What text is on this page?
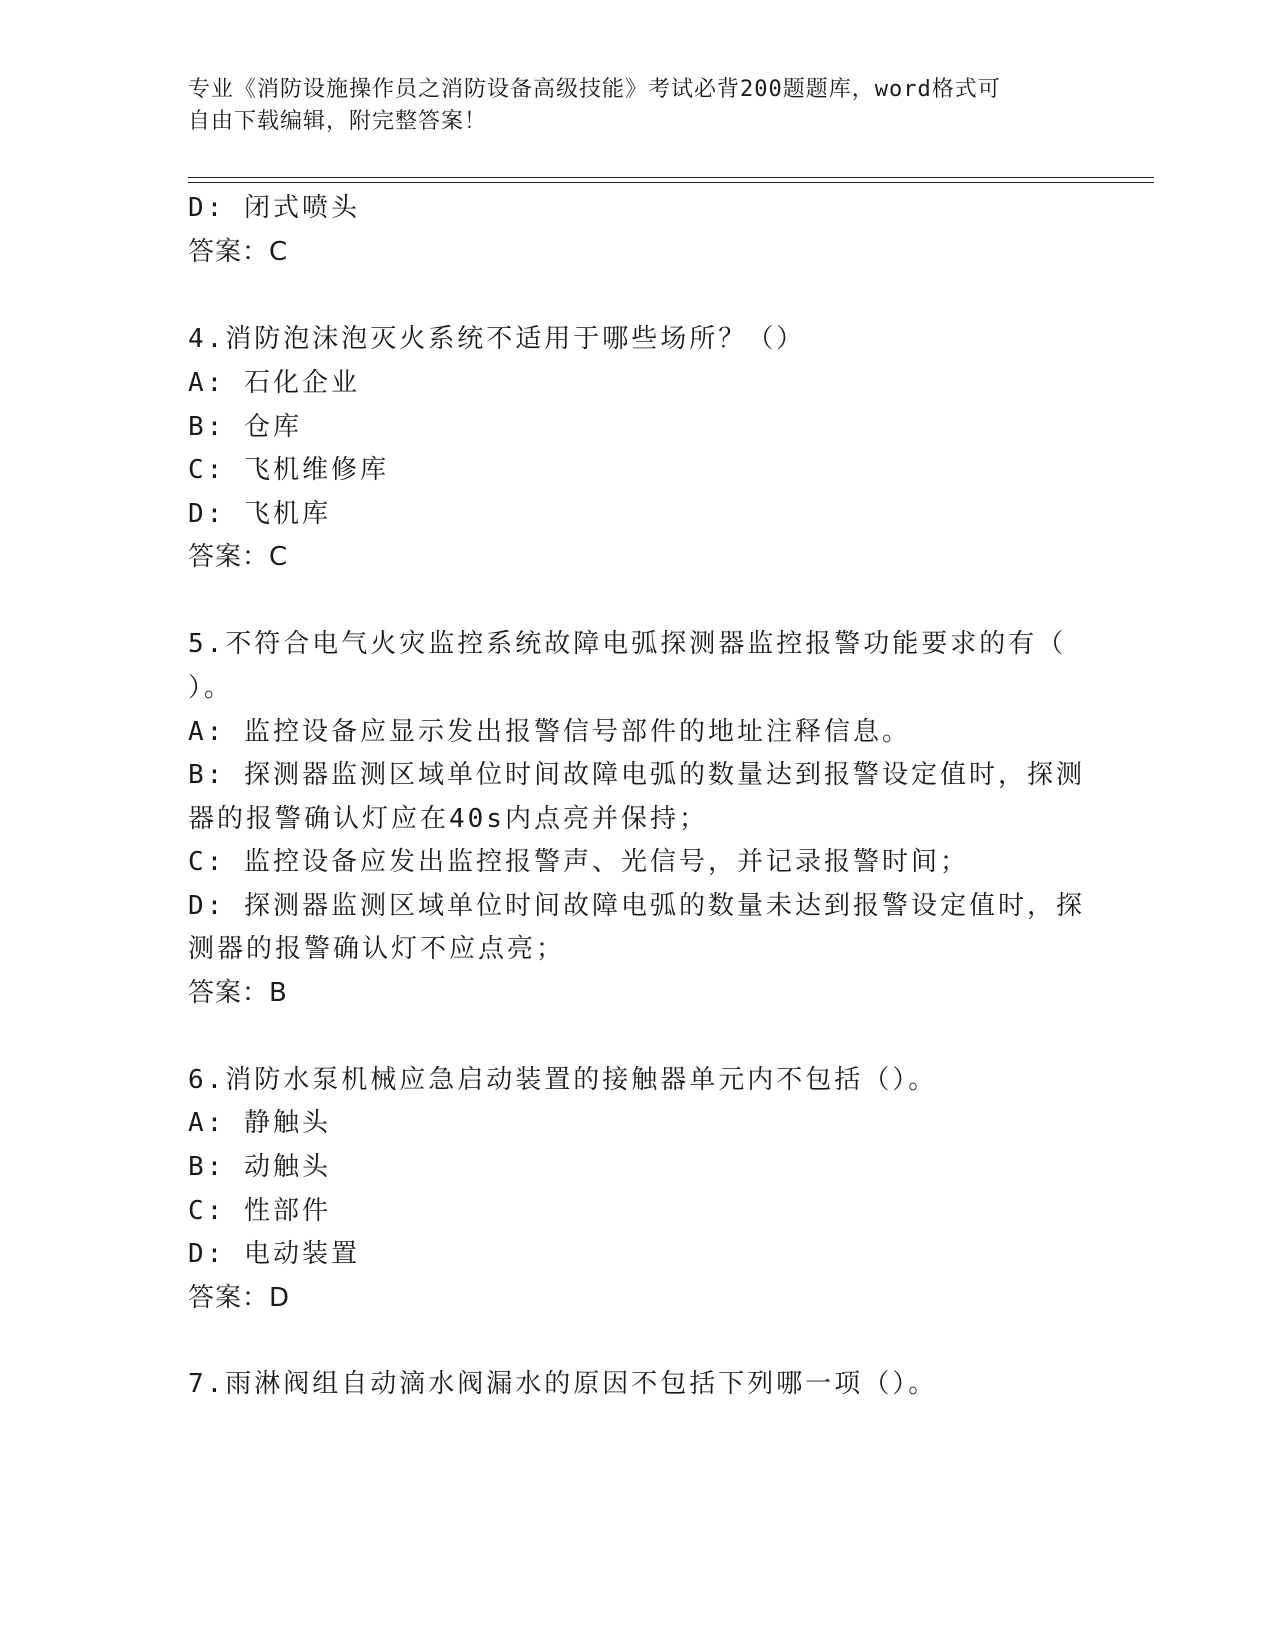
专业《消防设施操作员之消防设备高级技能》考试必背200题题库，word格式可
自由下载编辑，附完整答案！
D: 闭式喷头
答案：C
4.消防泡沫泡灭火系统不适用于哪些场所？（）
A: 石化企业
B: 仓库
C: 飞机维修库
D: 飞机库
答案：C
5.不符合电气火灾监控系统故障电弧探测器监控报警功能要求的有（
）。
A: 监控设备应显示发出报警信号部件的地址注释信息。
B: 探测器监测区域单位时间故障电弧的数量达到报警设定值时，探测
器的报警确认灯应在40s内点亮并保持；
C: 监控设备应发出监控报警声、光信号，并记录报警时间；
D: 探测器监测区域单位时间故障电弧的数量未达到报警设定值时，探
测器的报警确认灯不应点亮；
答案：B
6.消防水泵机械应急启动装置的接触器单元内不包括（）。
A: 静触头
B: 动触头
C: 性部件
D: 电动装置
答案：D
7.雨淋阀组自动滴水阀漏水的原因不包括下列哪一项（）。
